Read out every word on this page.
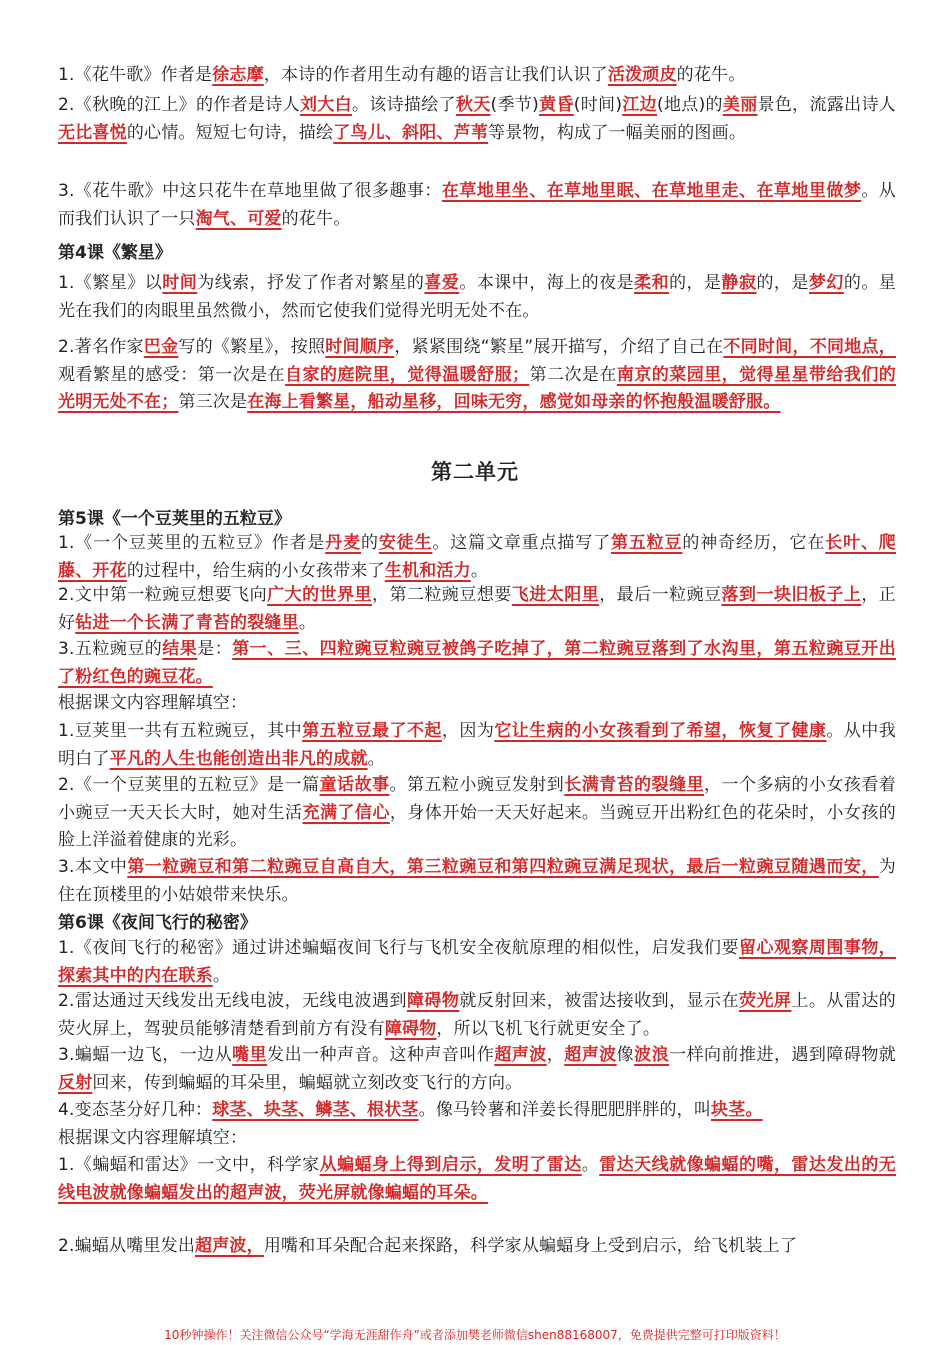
1.《花牛歌》作者是徐志摩，本诗的作者用生动有趣的语言让我们认识了活泼顽皮的花牛。

2.《秋晚的江上》的作者是诗人刘大白。该诗描绘了秋天(季节)黄昏(时间)江边(地点)的美丽景色，流露出诗人无比喜悦的心情。短短七句诗，描绘了鸟儿、斜阳、芦苇等景物，构成了一幅美丽的图画。

3.《花牛歌》中这只花牛在草地里做了很多趣事：在草地里坐、在草地里眠、在草地里走、在草地里做梦。从而我们认识了一只淘气、可爱的花牛。

第4课《繁星》

1.《繁星》以时间为线索，抒发了作者对繁星的喜爱。本课中，海上的夜是柔和的，是静寂的，是梦幻的。星光在我们的肉眼里虽然微小，然而它使我们觉得光明无处不在。

2.著名作家巴金写的《繁星》，按照时间顺序，紧紧围绕“繁星”展开描写，介绍了自己在不同时间，不同地点，观看繁星的感受：第一次是在自家的庭院里，觉得温暖舒服；第二次是在南京的菜园里，觉得星星带给我们的光明无处不在；第三次是在海上看繁星，船动星移，回味无穷，感觉如母亲的怀抱般温暖舒服。

第二单元

第5课《一个豆荚里的五粒豆》

1.《一个豆荚里的五粒豆》作者是丹麦的安徒生。这篇文章重点描写了第五粒豆的神奇经历，它在长叶、爬藤、开花的过程中，给生病的小女孩带来了生机和活力。

2.文中第一粒豌豆想要飞向广大的世界里，第二粒豌豆想要飞进太阳里，最后一粒豌豆落到一块旧板子上，正好钻进一个长满了青苔的裂缝里。

3.五粒豌豆的结果是：第一、三、四粒豌豆粒豌豆被鸽子吃掉了，第二粒豌豆落到了水沟里，第五粒豌豆开出了粉红色的豌豆花。

根据课文内容理解填空：

1.豆荚里一共有五粒豌豆，其中第五粒豆最了不起，因为它让生病的小女孩看到了希望，恢复了健康。从中我明白了平凡的人生也能创造出非凡的成就。

2.《一个豆荚里的五粒豆》是一篇童话故事。第五粒小豌豆发射到长满青苔的裂缝里，一个多病的小女孩看着小豌豆一天天长大时，她对生活充满了信心，身体开始一天天好起来。当豌豆开出粉红色的花朵时，小女孩的脸上洋溢着健康的光彩。

3.本文中第一粒豌豆和第二粒豌豆自高自大，第三粒豌豆和第四粒豌豆满足现状，最后一粒豌豆随遇而安，为住在顶楼里的小姑娘带来快乐。

第6课《夜间飞行的秘密》

1.《夜间飞行的秘密》通过讲述蝙蝠夜间飞行与飞机安全夜航原理的相似性，启发我们要留心观察周围事物，探索其中的内在联系。

2.雷达通过天线发出无线电波，无线电波遇到障碍物就反射回来，被雷达接收到，显示在荧光屏上。从雷达的荧火屏上，驾驶员能够清楚看到前方有没有障碍物，所以飞机飞行就更安全了。

3.蝙蝠一边飞，一边从嘴里发出一种声音。这种声音叫作超声波，超声波像波浪一样向前推进，遇到障碍物就反射回来，传到蝙蝠的耳朵里，蝙蝠就立刻改变飞行的方向。

4.变态茎分好几种：球茎、块茎、鳞茎、根状茎。像马铃薯和洋姜长得肥肥胖胖的，叫块茎。

根据课文内容理解填空：

1.《蝙蝠和雷达》一文中，科学家从蝙蝠身上得到启示，发明了雷达。雷达天线就像蝙蝠的嘴，雷达发出的无线电波就像蝙蝠发出的超声波，荧光屏就像蝙蝠的耳朵。

2.蝙蝠从嘴里发出超声波，用嘴和耳朵配合起来探路，科学家从蝙蝠身上受到启示，给飞机装上了

10秒钟操作！关注微信公众号“学海无涯甜作舟”或者添加樊老师微信shen88168007，免费提供完整可打印版资料！
